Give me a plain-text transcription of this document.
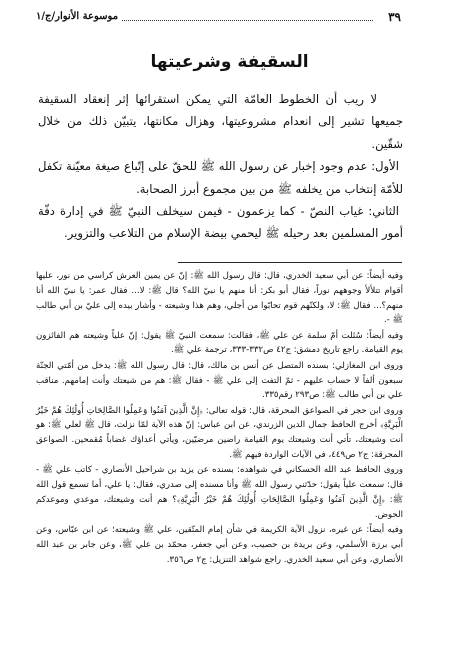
٣٩
موسوعة الأنوار/ج/١
السقيفة وشرعيتها

لا ريب أن الخطوط العامّة التي يمكن استقرائها إثر إنعقاد السقيفة جميعها تشير إلى انعدام مشروعيتها، وهزال مكانتها، يتبيّن ذلك من خلال شقّين.

الأول: عدم وجود إخبار عن رسول الله ﷺ للحقّ على إتّباع صيغة معيّنة تكفل للأمّة إنتخاب من يخلفه ﷺ من بين مجموع أبرز الصحابة.

الثاني: غياب النصّ - كما يزعمون - فيمن سيخلف النبيّ ﷺ في إدارة دفّة أمور المسلمين بعد رحيله ﷺ ليحمي بيضة الإسلام من التلاعب والتزوير.

وفيه أيضاً: عن أبي سعيد الخدري، قال: قال رسول الله ﷺ: إنّ عن يمين العرش كراسي من نور، عليها أقوام تتلألأ وجوههم نوراً، فقال أبو بكر: أنا منهم يا نبيّ الله؟ قال ﷺ: لا... فقال عمر: يا نبيّ الله أنا منهم؟... فقال ﷺ: لا، ولكنّهم قوم تحابّوا من أجلي، وهم هذا وشيعته - وأشار بيده إلى عليّ بن أبي طالب ﷺ -.

وفيه أيضاً: سُئلت أمّ سلمة عن علي ﷺ، فقالت: سمعت النبيّ ﷺ يقول: إنّ علياً وشيعته هم الفائزون يوم القيامة. راجع تاريخ دمشق: ج٤٢ ص٣٣٢-٣٣٣، ترجمة علي ﷺ.

وروى ابن المغازلي: بسنده المتصل عن أنس بن مالك، قال: قال رسول الله ﷺ: يدخل من أمّتي الجنّة سبعون ألفاً لا حساب عليهم - ثمّ التفت إلى علي ﷺ - فقال ﷺ: هم من شيعتك وأنت إمامهم. مناقب علي بن أبي طالب ﷺ: ص٢٩٣ رقم٣٣٥.

وروى ابن حجر في الصواعق المحرقة، قال: قوله تعالى: ﴿إِنَّ الَّذِينَ آمَنُوا وَعَمِلُوا الصَّالِحَاتِ أُولَٰئِكَ هُمْ خَيْرُ الْبَرِيَّةِ﴾ أخرج الحافظ جمال الدين الزرندي، عن ابن عباس: إنّ هذه الآية لمّا نزلت، قال ﷺ لعلي ﷺ: هو أنت وشيعتك، تأتي أنت وشيعتك يوم القيامة راضين مرضيّين، ويأتي أعداؤك غضاباً مُقمحين. الصواعق المحرقة: ج٢ ص٤٤٩، في الآيات الواردة فيهم ﷺ.

وروى الحافظ عبد الله الحسكاني في شواهده: بسنده عن يزيد بن شراحيل الأنصاري - كاتب علي ﷺ - قال: سمعت علياً يقول: حدّثني رسول الله ﷺ وأنا مسنده إلى صدري، فقال: يا علي، أما تسمع قول الله ﷺ: ﴿إِنَّ الَّذِينَ آمَنُوا وَعَمِلُوا الصَّالِحَاتِ أُولَٰئِكَ هُمْ خَيْرُ الْبَرِيَّةِ﴾؟ هم أنت وشيعتك، موعدي وموعدكم الحوض.

وفيه أيضاً: عن غيره، نزول الآية الكريمة في شأن إمام المتّقين، علي ﷺ وشيعته؛ عن ابن عبّاس، وعن أبي برزة الأسلمي، وعن بريدة بن حصيب، وعن أبي جعفر، محمّد بن علي ﷺ، وعن جابر بن عبد الله الأنصاري، وعن أبي سعيد الخدري. راجع شواهد التنزيل: ج٢ ص٣٥٦.
